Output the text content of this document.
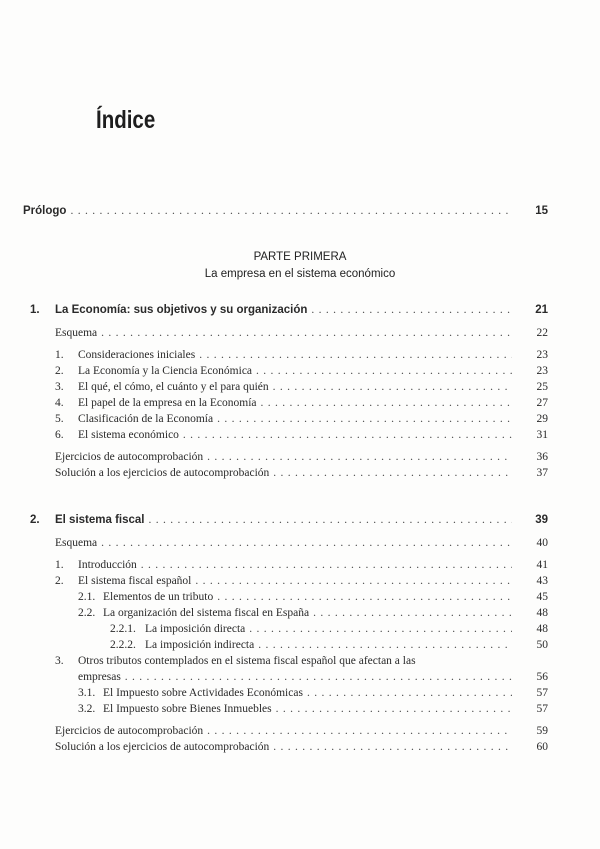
Índice
PARTE PRIMERA
La empresa en el sistema económico
Prólogo . . .	15
1. La Economía: sus objetivos y su organización . . .	21
Esquema . . .	22
1. Consideraciones iniciales . . .	23
2. La Economía y la Ciencia Económica . . .	23
3. El qué, el cómo, el cuánto y el para quién . . .	25
4. El papel de la empresa en la Economía . . .	27
5. Clasificación de la Economía . . .	29
6. El sistema económico . . .	31
Ejercicios de autocomprobación . . .	36
Solución a los ejercicios de autocomprobación . . .	37
2. El sistema fiscal . . .	39
Esquema . . .	40
1. Introducción . . .	41
2. El sistema fiscal español . . .	43
2.1. Elementos de un tributo . . .	45
2.2. La organización del sistema fiscal en España . . .	48
2.2.1. La imposición directa . . .	48
2.2.2. La imposición indirecta . . .	50
3. Otros tributos contemplados en el sistema fiscal español que afectan a las
empresas . . .	56
3.1. El Impuesto sobre Actividades Económicas . . .	57
3.2. El Impuesto sobre Bienes Inmuebles . . .	57
Ejercicios de autocomprobación . . .	59
Solución a los ejercicios de autocomprobación . . .	60
